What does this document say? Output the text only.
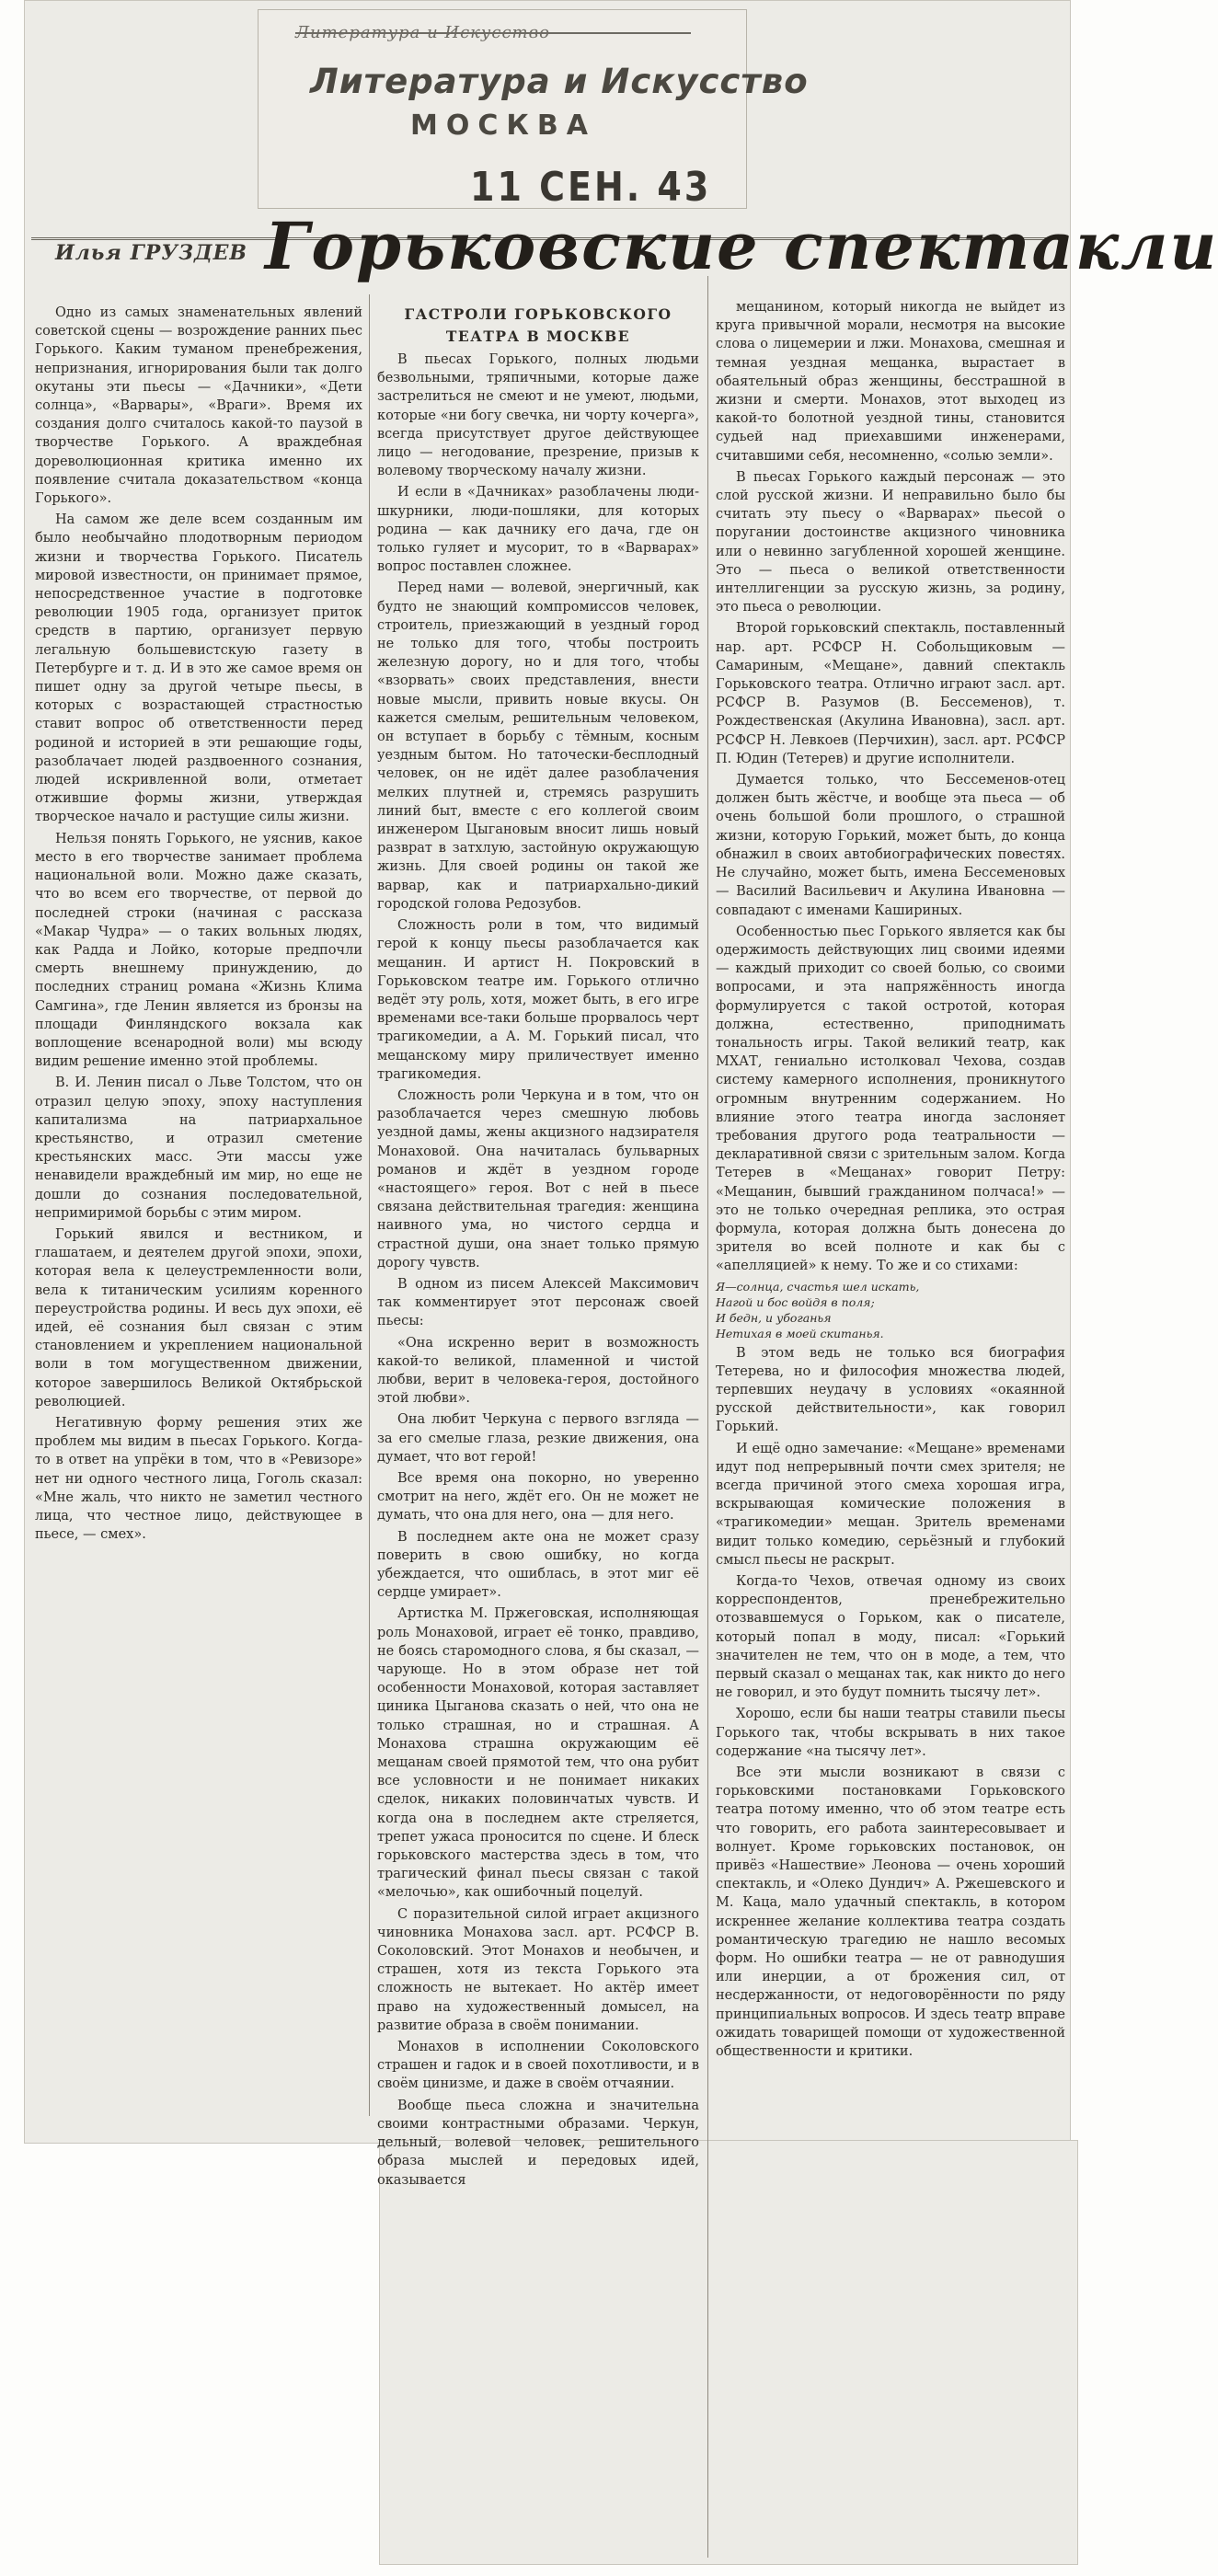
Литература и Искусство
Литература и Искусство
МОСКВА
11 СЕН. 43
Илья ГРУЗДЕВ Горьковские спектакли

Одно из самых знаменательных явлений советской сцены — возрождение ранних пьес Горького. Каким туманом пренебрежения, непризнания, игнорирования были так долго окутаны эти пьесы — «Дачники», «Дети солнца», «Варвары», «Враги». Время их создания долго считалось какой-то паузой в творчестве Горького. А враждебная дореволюционная критика именно их появление считала доказательством «конца Горького».

На самом же деле всем созданным им было необычайно плодотворным периодом жизни и творчества Горького. Писатель мировой известности, он принимает прямое, непосредственное участие в подготовке революции 1905 года, организует приток средств в партию, организует первую легальную большевистскую газету в Петербурге и т. д. И в это же самое время он пишет одну за другой четыре пьесы, в которых с возрастающей страстностью ставит вопрос об ответственности перед родиной и историей в эти решающие годы, разоблачает людей раздвоенного сознания, людей искривленной воли, отметает отжившие формы жизни, утверждая творческое начало и растущие силы жизни.

Нельзя понять Горького, не уяснив, какое место в его творчестве занимает проблема национальной воли. Можно даже сказать, что во всем его творчестве, от первой до последней строки (начиная с рассказа «Макар Чудра» — о таких вольных людях, как Радда и Лойко, которые предпочли смерть внешнему принуждению, до последних страниц романа «Жизнь Клима Самгина», где Ленин является из бронзы на площади Финляндского вокзала как воплощение всенародной воли) мы всюду видим решение именно этой проблемы.

В. И. Ленин писал о Льве Толстом, что он отразил целую эпоху, эпоху наступления капитализма на патриархальное крестьянство, и отразил сметение крестьянских масс. Эти массы уже ненавидели враждебный им мир, но еще не дошли до сознания последовательной, непримиримой борьбы с этим миром.

Горький явился и вестником, и глашатаем, и деятелем другой эпохи, эпохи, которая вела к целеустремленности воли, вела к титаническим усилиям коренного переустройства родины. И весь дух эпохи, её идей, её сознания был связан с этим становлением и укреплением национальной воли в том могущественном движении, которое завершилось Великой Октябрьской революцией.

Негативную форму решения этих же проблем мы видим в пьесах Горького. Когда-то в ответ на упрёки в том, что в «Ревизоре» нет ни одного честного лица, Гоголь сказал: «Мне жаль, что никто не заметил честного лица, что честное лицо, действующее в пьесе, — смех».

ГАСТРОЛИ ГОРЬКОВСКОГО ТЕАТРА В МОСКВЕ

В пьесах Горького, полных людьми безвольными, тряпичными, которые даже застрелиться не смеют и не умеют, людьми, которые «ни богу свечка, ни чорту кочерга», всегда присутствует другое действующее лицо — негодование, презрение, призыв к волевому творческому началу жизни.

И если в «Дачниках» разоблачены люди-шкурники, люди-пошляки, для которых родина — как дачнику его дача, где он только гуляет и мусорит, то в «Варварах» вопрос поставлен сложнее.

Перед нами — волевой, энергичный, как будто не знающий компромиссов человек, строитель, приезжающий в уездный город не только для того, чтобы построить железную дорогу, но и для того, чтобы «взорвать» своих представления, внести новые мысли, привить новые вкусы. Он кажется смелым, решительным человеком, он вступает в борьбу с тёмным, косным уездным бытом. Но таточески-бесплодный человек, он не идёт далее разоблачения мелких плутней и, стремясь разрушить линий быт, вместе с его коллегой своим инженером Цыгановым вносит лишь новый разврат в затхлую, застойную окружающую жизнь. Для своей родины он такой же варвар, как и патриархально-дикий городской голова Редозубов.

Сложность роли в том, что видимый герой к концу пьесы разоблачается как мещанин. И артист Н. Покровский в Горьковском театре им. Горького отлично ведёт эту роль, хотя, может быть, в его игре временами все-таки больше прорвалось черт трагикомедии, а А. М. Горький писал, что мещанскому миру приличествует именно трагикомедия.

Сложность роли Черкуна и в том, что он разоблачается через смешную любовь уездной дамы, жены акцизного надзирателя Монаховой. Она начиталась бульварных романов и ждёт в уездном городе «настоящего» героя. Вот с ней в пьесе связана действительная трагедия: женщина наивного ума, но чистого сердца и страстной души, она знает только прямую дорогу чувств.

В одном из писем Алексей Максимович так комментирует этот персонаж своей пьесы:

«Она искренно верит в возможность какой-то великой, пламенной и чистой любви, верит в человека-героя, достойного этой любви».

Она любит Черкуна с первого взгляда — за его смелые глаза, резкие движения, она думает, что вот герой!

Все время она покорно, но уверенно смотрит на него, ждёт его. Он не может не думать, что она для него, она — для него.

В последнем акте она не может сразу поверить в свою ошибку, но когда убеждается, что ошиблась, в этот миг её сердце умирает».

Артистка М. Пржеговская, исполняющая роль Монаховой, играет её тонко, правдиво, не боясь старомодного слова, я бы сказал, — чарующе. Но в этом образе нет той особенности Монаховой, которая заставляет циника Цыганова сказать о ней, что она не только страшная, но и страшная. А Монахова страшна окружающим её мещанам своей прямотой тем, что она рубит все условности и не понимает никаких сделок, никаких половинчатых чувств. И когда она в последнем акте стреляется, трепет ужаса проносится по сцене. И блеск горьковского мастерства здесь в том, что трагический финал пьесы связан с такой «мелочью», как ошибочный поцелуй.

С поразительной силой играет акцизного чиновника Монахова засл. арт. РСФСР В. Соколовский. Этот Монахов и необычен, и страшен, хотя из текста Горького эта сложность не вытекает. Но актёр имеет право на художественный домысел, на развитие образа в своём понимании.

Монахов в исполнении Соколовского страшен и гадок и в своей похотливости, и в своём цинизме, и даже в своём отчаянии.

Вообще пьеса сложна и значительна своими контрастными образами. Черкун, дельный, волевой человек, решительного образа мыслей и передовых идей, оказывается

мещанином, который никогда не выйдет из круга привычной морали, несмотря на высокие слова о лицемерии и лжи. Монахова, смешная и темная уездная мещанка, вырастает в обаятельный образ женщины, бесстрашной в жизни и смерти. Монахов, этот выходец из какой-то болотной уездной тины, становится судьей над приехавшими инженерами, считавшими себя, несомненно, «солью земли».

В пьесах Горького каждый персонаж — это слой русской жизни. И неправильно было бы считать эту пьесу о «Варварах» пьесой о поругании достоинстве акцизного чиновника или о невинно загубленной хорошей женщине. Это — пьеса о великой ответственности интеллигенции за русскую жизнь, за родину, это пьеса о революции.

Второй горьковский спектакль, поставленный нар. арт. РСФСР Н. Собольщиковым — Самариным, «Мещане», давний спектакль Горьковского театра. Отлично играют засл. арт. РСФСР В. Разумов (В. Бессеменов), т. Рождественская (Акулина Ивановна), засл. арт. РСФСР Н. Левкоев (Перчихин), засл. арт. РСФСР П. Юдин (Тетерев) и другие исполнители.

Думается только, что Бессеменов-отец должен быть жёстче, и вообще эта пьеса — об очень большой боли прошлого, о страшной жизни, которую Горький, может быть, до конца обнажил в своих автобиографических повестях. Не случайно, может быть, имена Бессеменовых — Василий Васильевич и Акулина Ивановна — совпадают с именами Кашириных.

Особенностью пьес Горького является как бы одержимость действующих лиц своими идеями — каждый приходит со своей болью, со своими вопросами, и эта напряжённость иногда формулируется с такой остротой, которая должна, естественно, приподнимать тональность игры. Такой великий театр, как МХАТ, гениально истолковал Чехова, создав систему камерного исполнения, проникнутого огромным внутренним содержанием. Но влияние этого театра иногда заслоняет требования другого рода театральности — декларативной связи с зрительным залом. Когда Тетерев в «Мещанах» говорит Петру: «Мещанин, бывший гражданином полчаса!» — это не только очередная реплика, это острая формула, которая должна быть донесена до зрителя во всей полноте и как бы с «апелляцией» к нему. То же и со стихами:

Я—солнца, счастья шел искать,
Нагой и бос войдя в поля;
И бедн, и убоганья
Нетихая в моей скитанья.

В этом ведь не только вся биография Тетерева, но и философия множества людей, терпевших неудачу в условиях «окаянной русской действительности», как говорил Горький.

И ещё одно замечание: «Мещане» временами идут под непрерывный почти смех зрителя; не всегда причиной этого смеха хорошая игра, вскрывающая комические положения в «трагикомедии» мещан. Зритель временами видит только комедию, серьёзный и глубокий смысл пьесы не раскрыт.

Когда-то Чехов, отвечая одному из своих корреспондентов, пренебрежительно отозвавшемуся о Горьком, как о писателе, который попал в моду, писал: «Горький значителен не тем, что он в моде, а тем, что первый сказал о мещанах так, как никто до него не говорил, и это будут помнить тысячу лет».

Хорошо, если бы наши театры ставили пьесы Горького так, чтобы вскрывать в них такое содержание «на тысячу лет».

Все эти мысли возникают в связи с горьковскими постановками Горьковского театра потому именно, что об этом театре есть что говорить, его работа заинтересовывает и волнует. Кроме горьковских постановок, он привёз «Нашествие» Леонова — очень хороший спектакль, и «Олеко Дундич» А. Ржешевского и М. Каца, мало удачный спектакль, в котором искреннее желание коллектива театра создать романтическую трагедию не нашло весомых форм. Но ошибки театра — не от равнодушия или инерции, а от брожения сил, от несдержанности, от недоговорённости по ряду принципиальных вопросов. И здесь театр вправе ожидать товарищей помощи от художественной общественности и критики.
